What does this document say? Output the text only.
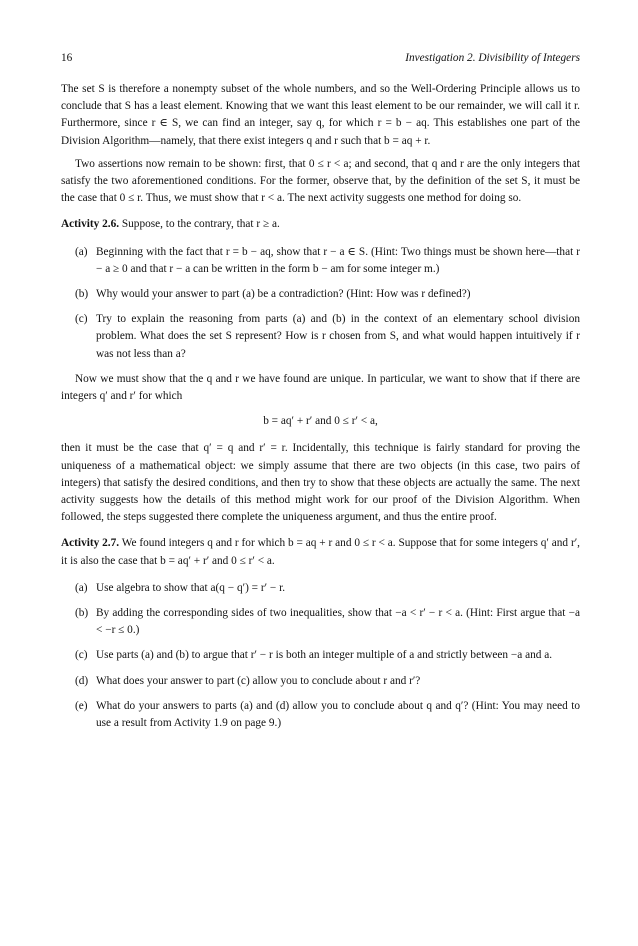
16	Investigation 2. Divisibility of Integers

The set S is therefore a nonempty subset of the whole numbers, and so the Well-Ordering Principle allows us to conclude that S has a least element. Knowing that we want this least element to be our remainder, we will call it r. Furthermore, since r ∈ S, we can find an integer, say q, for which r = b − aq. This establishes one part of the Division Algorithm—namely, that there exist integers q and r such that b = aq + r.

Two assertions now remain to be shown: first, that 0 ≤ r < a; and second, that q and r are the only integers that satisfy the two aforementioned conditions. For the former, observe that, by the definition of the set S, it must be the case that 0 ≤ r. Thus, we must show that r < a. The next activity suggests one method for doing so.

Activity 2.6. Suppose, to the contrary, that r ≥ a.

(a) Beginning with the fact that r = b − aq, show that r − a ∈ S. (Hint: Two things must be shown here—that r − a ≥ 0 and that r − a can be written in the form b − am for some integer m.)
(b) Why would your answer to part (a) be a contradiction? (Hint: How was r defined?)
(c) Try to explain the reasoning from parts (a) and (b) in the context of an elementary school division problem. What does the set S represent? How is r chosen from S, and what would happen intuitively if r was not less than a?

Now we must show that the q and r we have found are unique. In particular, we want to show that if there are integers q′ and r′ for which

b = aq′ + r′ and 0 ≤ r′ < a,

then it must be the case that q′ = q and r′ = r. Incidentally, this technique is fairly standard for proving the uniqueness of a mathematical object: we simply assume that there are two objects (in this case, two pairs of integers) that satisfy the desired conditions, and then try to show that these objects are actually the same. The next activity suggests how the details of this method might work for our proof of the Division Algorithm. When followed, the steps suggested there complete the uniqueness argument, and thus the entire proof.

Activity 2.7. We found integers q and r for which b = aq + r and 0 ≤ r < a. Suppose that for some integers q′ and r′, it is also the case that b = aq′ + r′ and 0 ≤ r′ < a.

(a) Use algebra to show that a(q − q′) = r′ − r.
(b) By adding the corresponding sides of two inequalities, show that −a < r′ − r < a. (Hint: First argue that −a < −r ≤ 0.)
(c) Use parts (a) and (b) to argue that r′ − r is both an integer multiple of a and strictly between −a and a.
(d) What does your answer to part (c) allow you to conclude about r and r′?
(e) What do your answers to parts (a) and (d) allow you to conclude about q and q′? (Hint: You may need to use a result from Activity 1.9 on page 9.)
